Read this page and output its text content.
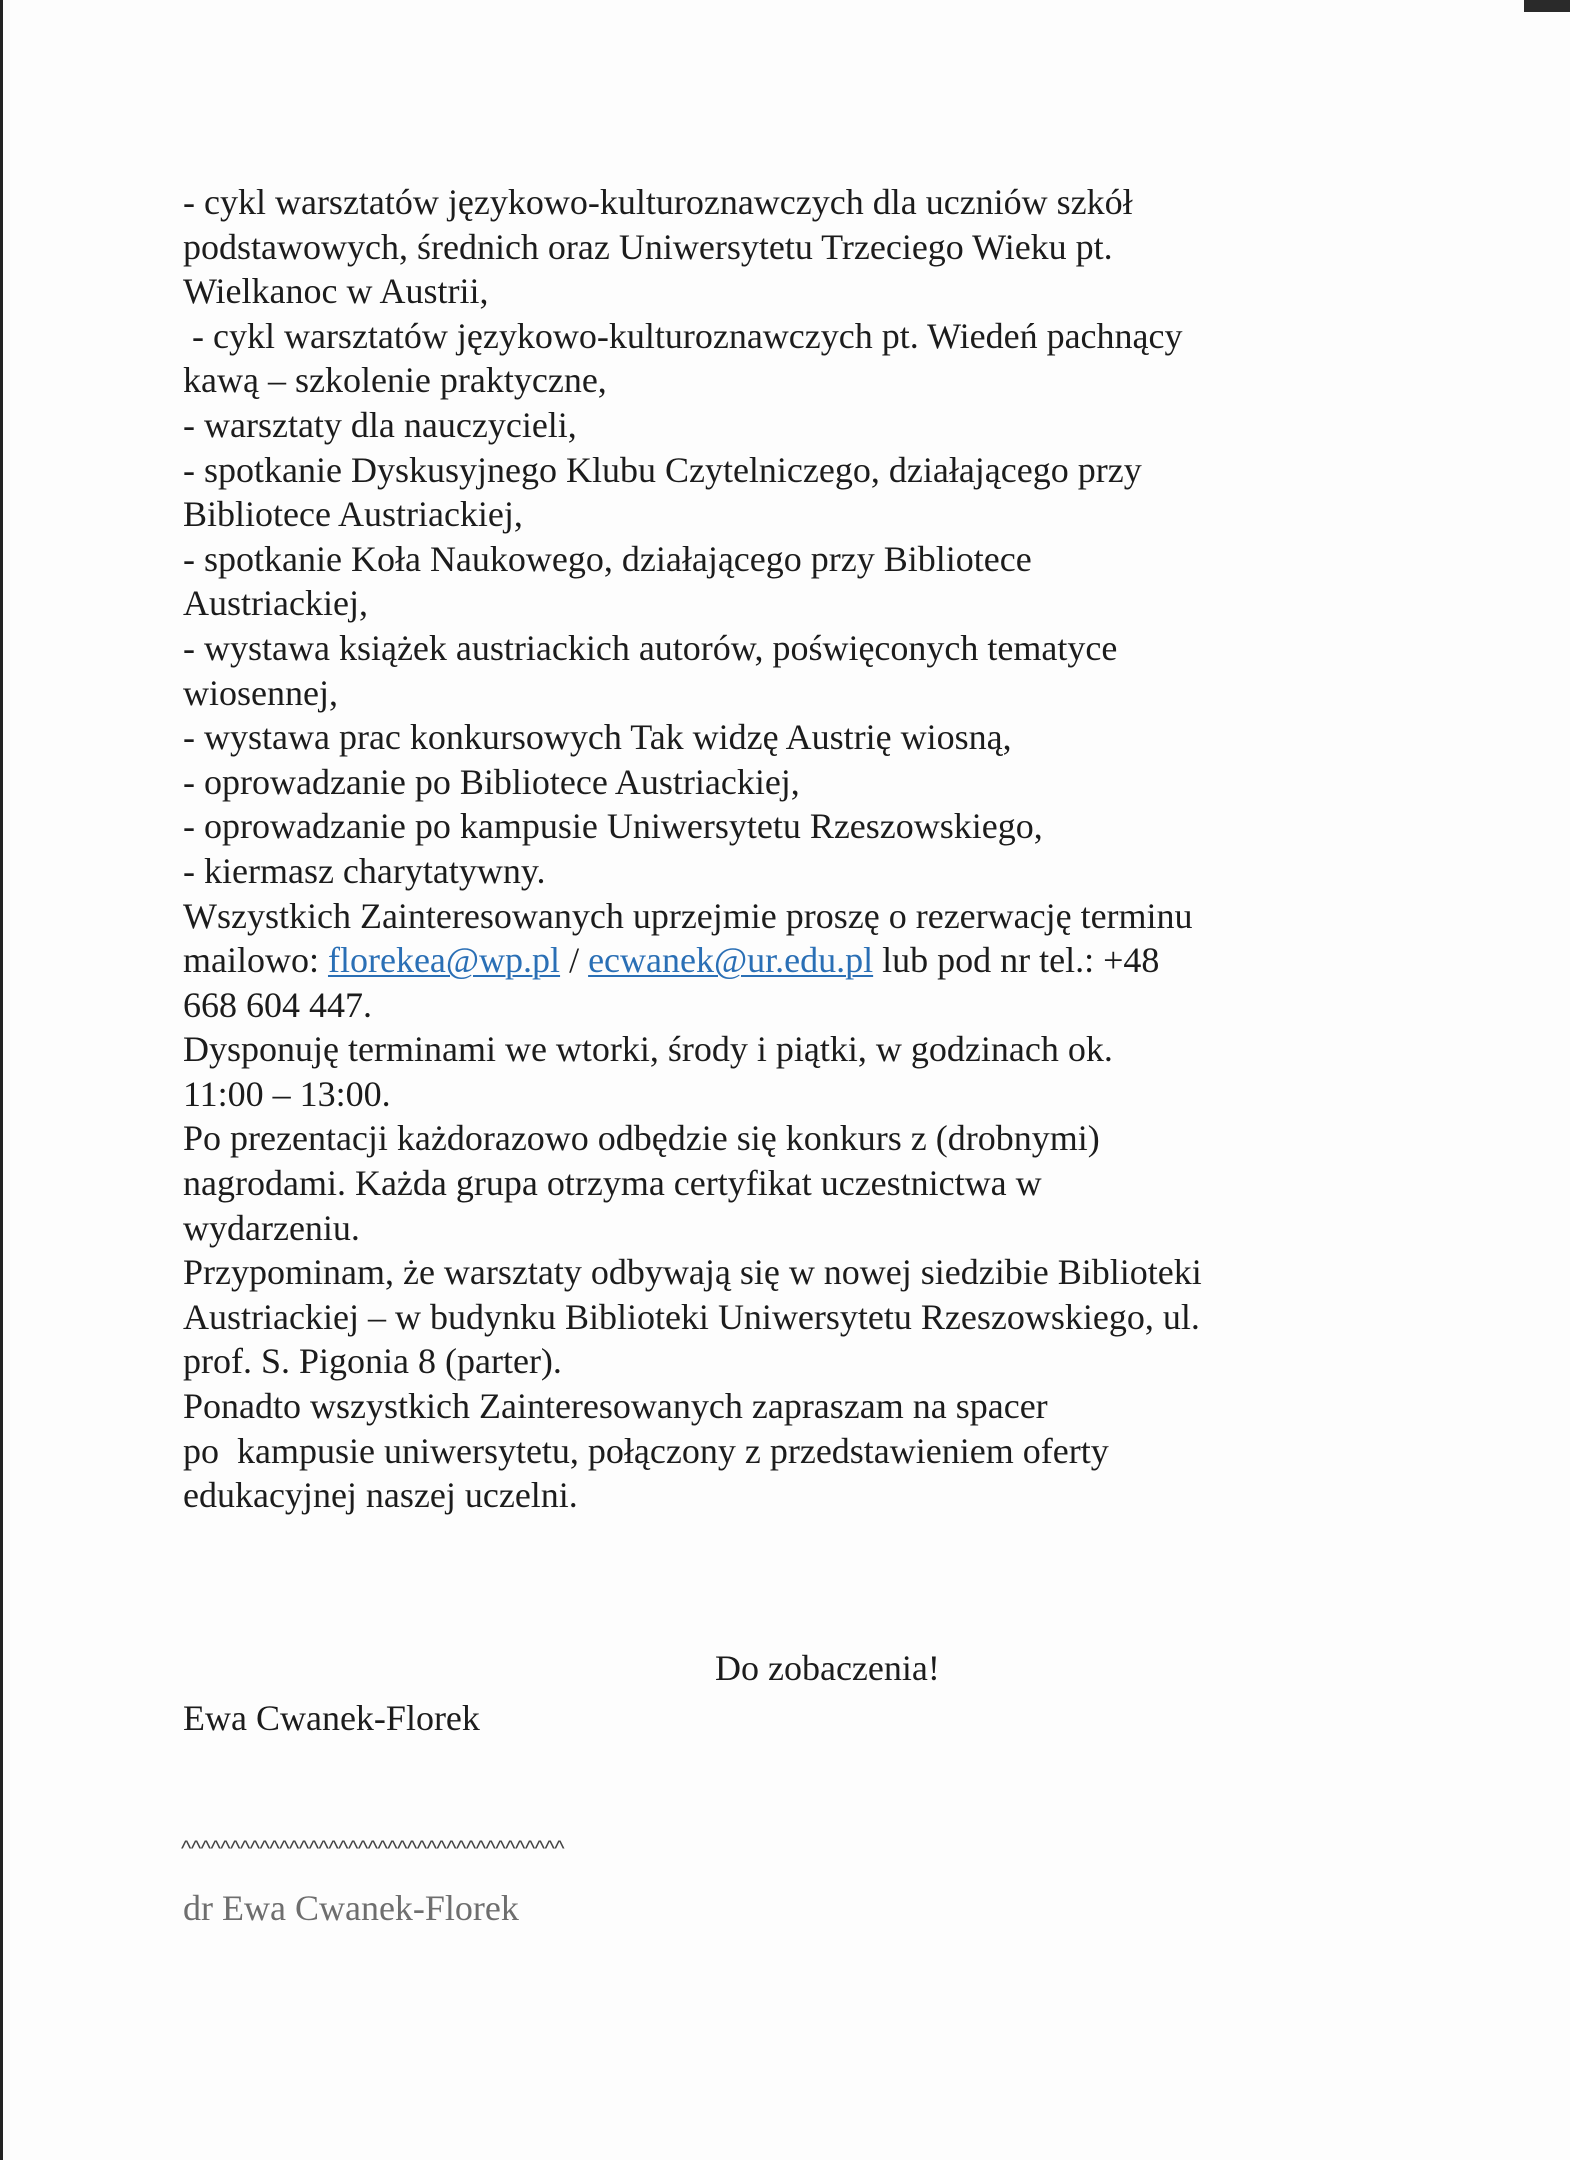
- cykl warsztatów językowo-kulturoznawczych dla uczniów szkół
podstawowych, średnich oraz Uniwersytetu Trzeciego Wieku pt.
Wielkanoc w Austrii,
- cykl warsztatów językowo-kulturoznawczych pt. Wiedeń pachnący
kawą – szkolenie praktyczne,
- warsztaty dla nauczycieli,
- spotkanie Dyskusyjnego Klubu Czytelniczego, działającego przy
Bibliotece Austriackiej,
- spotkanie Koła Naukowego, działającego przy Bibliotece
Austriackiej,
- wystawa książek austriackich autorów, poświęconych tematyce
wiosennej,
- wystawa prac konkursowych Tak widzę Austrię wiosną,
- oprowadzanie po Bibliotece Austriackiej,
- oprowadzanie po kampusie Uniwersytetu Rzeszowskiego,
- kiermasz charytatywny.
Wszystkich Zainteresowanych uprzejmie proszę o rezerwację terminu
mailowo: florekea@wp.pl / ecwanek@ur.edu.pl lub pod nr tel.: +48
668 604 447.
Dysponuję terminami we wtorki, środy i piątki, w godzinach ok.
11:00 – 13:00.
Po prezentacji każdorazowo odbędzie się konkurs z (drobnymi)
nagrodami. Każda grupa otrzyma certyfikat uczestnictwa w
wydarzeniu.
Przypominam, że warsztaty odbywają się w nowej siedzibie Biblioteki
Austriackiej – w budynku Biblioteki Uniwersytetu Rzeszowskiego, ul.
prof. S. Pigonia 8 (parter).
Ponadto wszystkich Zainteresowanych zapraszam na spacer
po  kampusie uniwersytetu, połączony z przedstawieniem oferty
edukacyjnej naszej uczelni.
Do zobaczenia!
Ewa Cwanek-Florek
^^^^^^^^^^^^^^^^^^^^^^^^^^^^^^^^^^^^^^^
dr Ewa Cwanek-Florek
